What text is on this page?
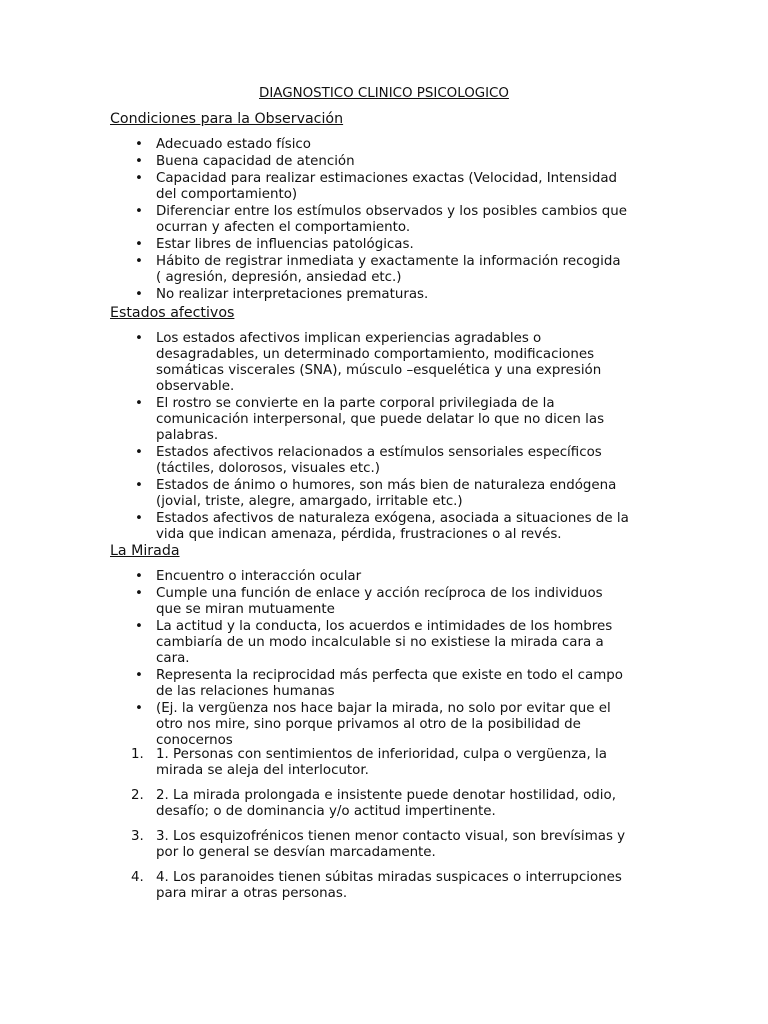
DIAGNOSTICO CLINICO PSICOLOGICO
Condiciones para la Observación
• Adecuado estado físico
• Buena capacidad de atención
• Capacidad para realizar estimaciones exactas (Velocidad, Intensidad
del comportamiento)
• Diferenciar entre los estímulos observados y los posibles cambios que
ocurran y afecten el comportamiento.
• Estar libres de influencias patológicas.
• Hábito de registrar inmediata y exactamente la información recogida
( agresión, depresión, ansiedad etc.)
• No realizar interpretaciones prematuras.
Estados afectivos
• Los estados afectivos implican experiencias agradables o
desagradables, un determinado comportamiento, modificaciones
somáticas viscerales (SNA), músculo –esquelética y una expresión
observable.
• El rostro se convierte en la parte corporal privilegiada de la
comunicación interpersonal, que puede delatar lo que no dicen las
palabras.
• Estados afectivos relacionados a estímulos sensoriales específicos
(táctiles, dolorosos, visuales etc.)
• Estados de ánimo o humores, son más bien de naturaleza endógena
(jovial, triste, alegre, amargado, irritable etc.)
• Estados afectivos de naturaleza exógena, asociada a situaciones de la
vida que indican amenaza, pérdida, frustraciones o al revés.
La Mirada
• Encuentro o interacción ocular
• Cumple una función de enlace y acción recíproca de los individuos
que se miran mutuamente
• La actitud y la conducta, los acuerdos e intimidades de los hombres
cambiaría de un modo incalculable si no existiese la mirada cara a
cara.
• Representa la reciprocidad más perfecta que existe en todo el campo
de las relaciones humanas
• (Ej. la vergüenza nos hace bajar la mirada, no solo por evitar que el
otro nos mire, sino porque privamos al otro de la posibilidad de
conocernos
1. 1. Personas con sentimientos de inferioridad, culpa o vergüenza, la
mirada se aleja del interlocutor.
2. 2. La mirada prolongada e insistente puede denotar hostilidad, odio,
desafío; o de dominancia y/o actitud impertinente.
3. 3. Los esquizofrénicos tienen menor contacto visual, son brevísimas y
por lo general se desvían marcadamente.
4. 4. Los paranoides tienen súbitas miradas suspicaces o interrupciones
para mirar a otras personas.
